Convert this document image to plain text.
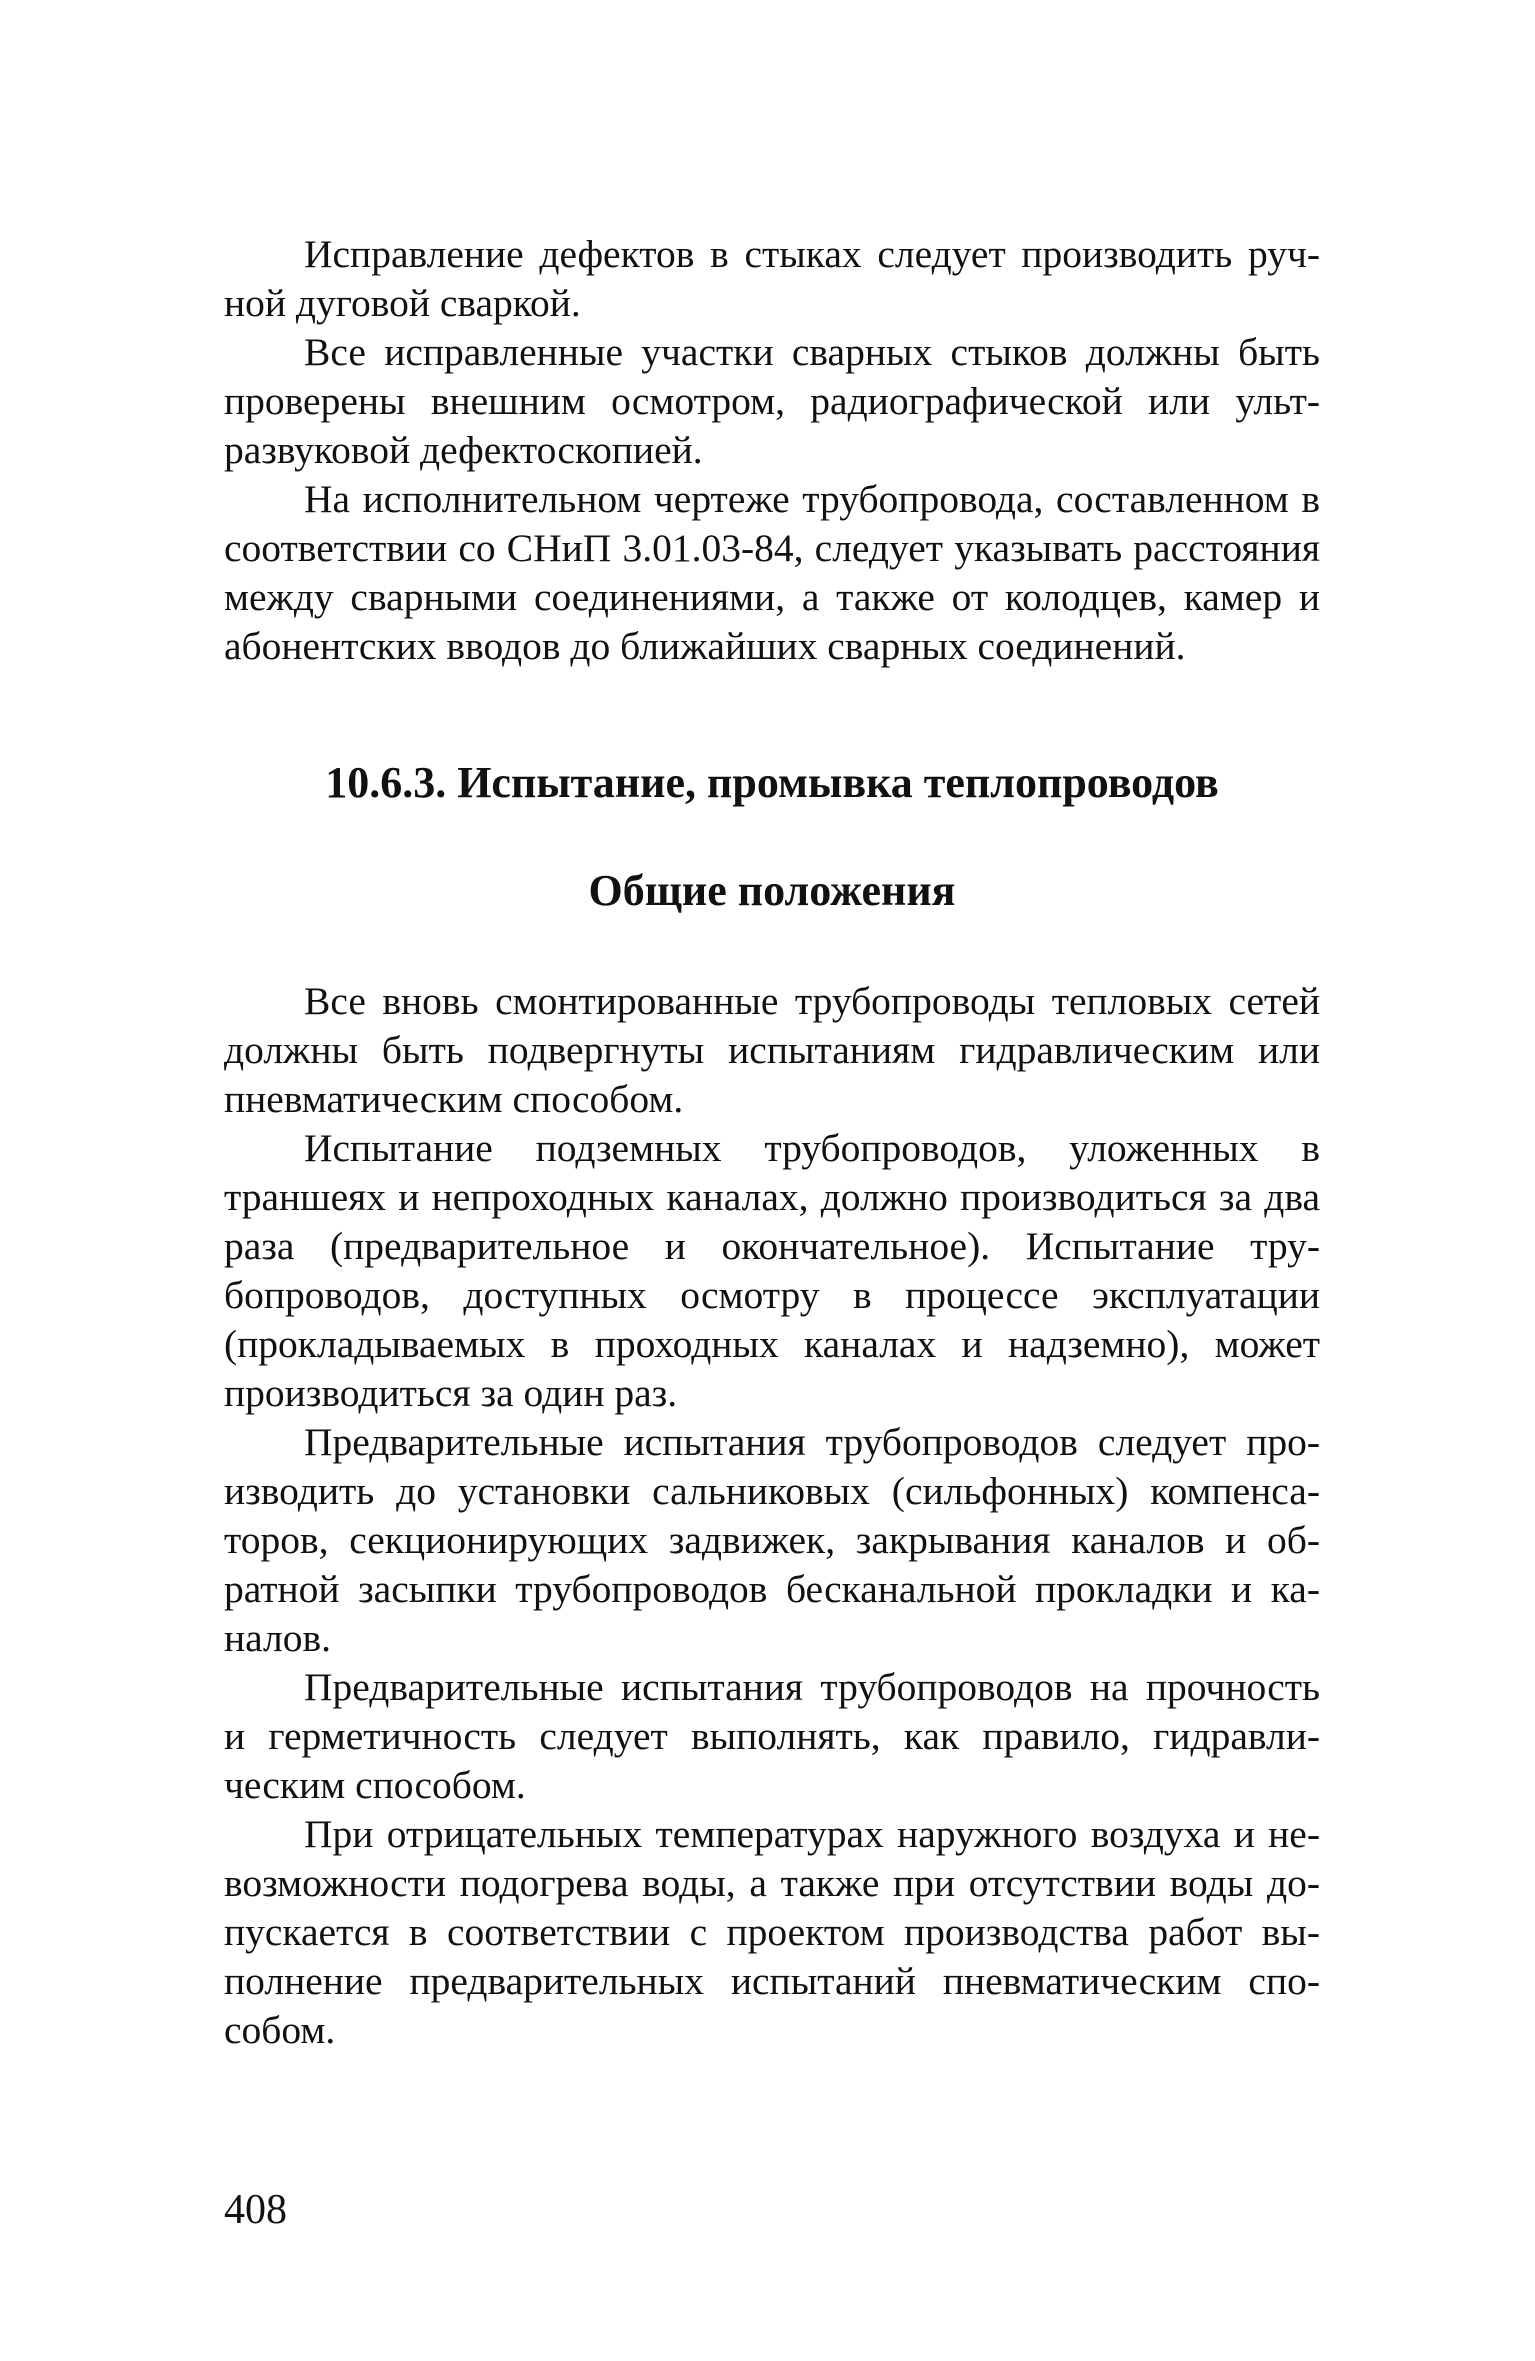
Исправление дефектов в стыках следует производить ручной дуговой сваркой.

Все исправленные участки сварных стыков должны быть проверены внешним осмотром, радиографической или ультразвуковой дефектоскопией.

На исполнительном чертеже трубопровода, составленном в соответствии со СНиП 3.01.03-84, следует указывать расстояния между сварными соединениями, а также от колодцев, камер и абонентских вводов до ближайших сварных соединений.

10.6.3. Испытание, промывка теплопроводов
Общие положения

Все вновь смонтированные трубопроводы тепловых сетей должны быть подвергнуты испытаниям гидравлическим или пневматическим способом.

Испытание подземных трубопроводов, уложенных в траншеях и непроходных каналах, должно производиться за два раза (предварительное и окончательное). Испытание трубопроводов, доступных осмотру в процессе эксплуатации (прокладываемых в проходных каналах и надземно), может производиться за один раз.

Предварительные испытания трубопроводов следует производить до установки сальниковых (сильфонных) компенсаторов, секционирующих задвижек, закрывания каналов и обратной засыпки трубопроводов бесканальной прокладки и каналов.

Предварительные испытания трубопроводов на прочность и герметичность следует выполнять, как правило, гидравлическим способом.

При отрицательных температурах наружного воздуха и невозможности подогрева воды, а также при отсутствии воды допускается в соответствии с проектом производства работ выполнение предварительных испытаний пневматическим способом.

408
